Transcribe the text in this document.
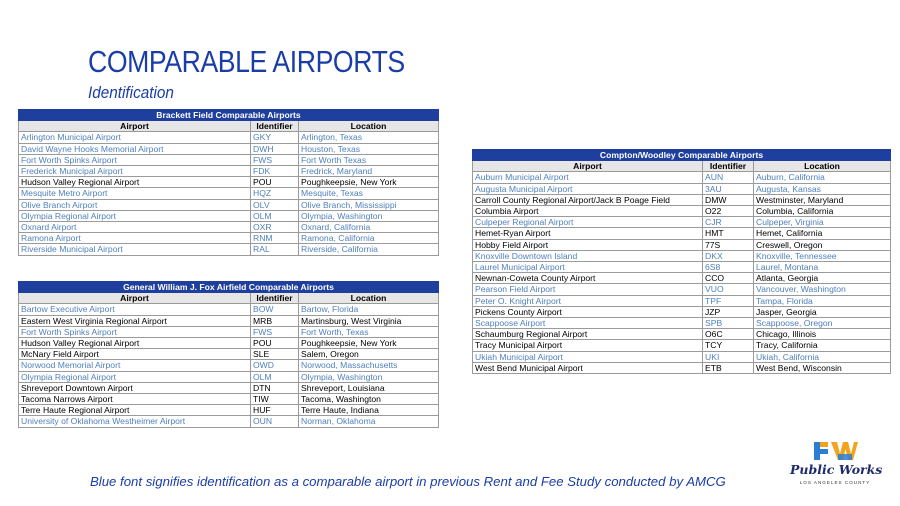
COMPARABLE AIRPORTS
Identification
Brackett Field Comparable Airports		
Airport	Identifier	Location
Arlington Municipal Airport	GKY	Arlington, Texas
David Wayne Hooks Memorial Airport	DWH	Houston, Texas
Fort Worth Spinks Airport	FWS	Fort Worth Texas
Frederick Municipal Airport	FDK	Fredrick, Maryland
Hudson Valley Regional Airport	POU	Poughkeepsie, New York
Mesquite Metro Airport	HQZ	Mesquite, Texas
Olive Branch Airport	OLV	Olive Branch, Mississippi
Olympia Regional Airport	OLM	Olympia, Washington
Oxnard Airport	OXR	Oxnard, California
Ramona Airport	RNM	Ramona, California
Riverside Municipal Airport	RAL	Riverside, California
General William J. Fox Airfield Comparable Airports		
Airport	Identifier	Location
Bartow Executive Airport	BOW	Bartow, Florida
Eastern West Virginia Regional Airport	MRB	Martinsburg, West Virginia
Fort Worth Spinks Airport	FWS	Fort Worth, Texas
Hudson Valley Regional Airport	POU	Poughkeepsie, New York
McNary Field Airport	SLE	Salem, Oregon
Norwood Memorial Airport	OWD	Norwood, Massachusetts
Olympia Regional Airport	OLM	Olympia, Washington
Shreveport Downtown Airport	DTN	Shreveport, Louisiana
Tacoma Narrows Airport	TIW	Tacoma, Washington
Terre Haute Regional Airport	HUF	Terre Haute, Indiana
University of Oklahoma Westheimer Airport	OUN	Norman, Oklahoma
Compton/Woodley Comparable Airports		
Airport	Identifier	Location
Auburn Municipal Airport	AUN	Auburn, California
Augusta Municipal Airport	3AU	Augusta, Kansas
Carroll County Regional Airport/Jack B Poage Field	DMW	Westminster, Maryland
Columbia Airport	O22	Columbia, California
Culpeper Regional Airport	CJR	Culpeper, Virginia
Hemet-Ryan Airport	HMT	Hemet, California
Hobby Field Airport	77S	Creswell, Oregon
Knoxville Downtown Island	DKX	Knoxville, Tennessee
Laurel Municipal Airport	6S8	Laurel, Montana
Newnan-Coweta County Airport	CCO	Atlanta, Georgia
Pearson Field Airport	VUO	Vancouver, Washington
Peter O. Knight Airport	TPF	Tampa, Florida
Pickens County Airport	JZP	Jasper, Georgia
Scappoose Airport	SPB	Scappoose, Oregon
Schaumburg Regional Airport	O6C	Chicago, Illinois
Tracy Municipal Airport	TCY	Tracy, California
Ukiah Municipal Airport	UKI	Ukiah, California
West Bend Municipal Airport	ETB	West Bend, Wisconsin
Blue font signifies identification as a comparable airport in previous Rent and Fee Study conducted by AMCG
Public Works
LOS ANGELES COUNTY
